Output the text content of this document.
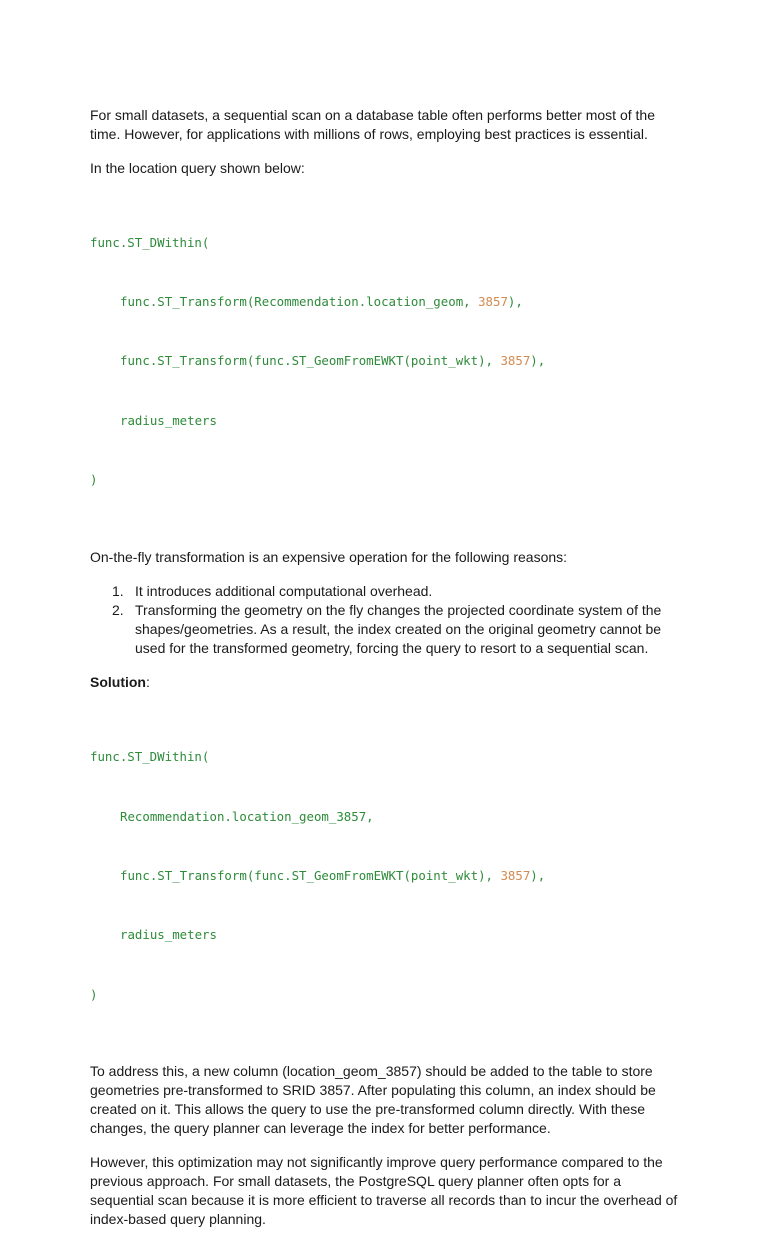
For small datasets, a sequential scan on a database table often performs better most of the time. However, for applications with millions of rows, employing best practices is essential.

In the location query shown below:

func.ST_DWithin(

func.ST_Transform(Recommendation.location_geom, 3857),

func.ST_Transform(func.ST_GeomFromEWKT(point_wkt), 3857),

radius_meters

)

On-the-fly transformation is an expensive operation for the following reasons:

1. It introduces additional computational overhead.
2. Transforming the geometry on the fly changes the projected coordinate system of the shapes/geometries. As a result, the index created on the original geometry cannot be used for the transformed geometry, forcing the query to resort to a sequential scan.

Solution:

func.ST_DWithin(

Recommendation.location_geom_3857,

func.ST_Transform(func.ST_GeomFromEWKT(point_wkt), 3857),

radius_meters

)

To address this, a new column (location_geom_3857) should be added to the table to store geometries pre-transformed to SRID 3857. After populating this column, an index should be created on it. This allows the query to use the pre-transformed column directly. With these changes, the query planner can leverage the index for better performance.

However, this optimization may not significantly improve query performance compared to the previous approach. For small datasets, the PostgreSQL query planner often opts for a sequential scan because it is more efficient to traverse all records than to incur the overhead of index-based query planning.
